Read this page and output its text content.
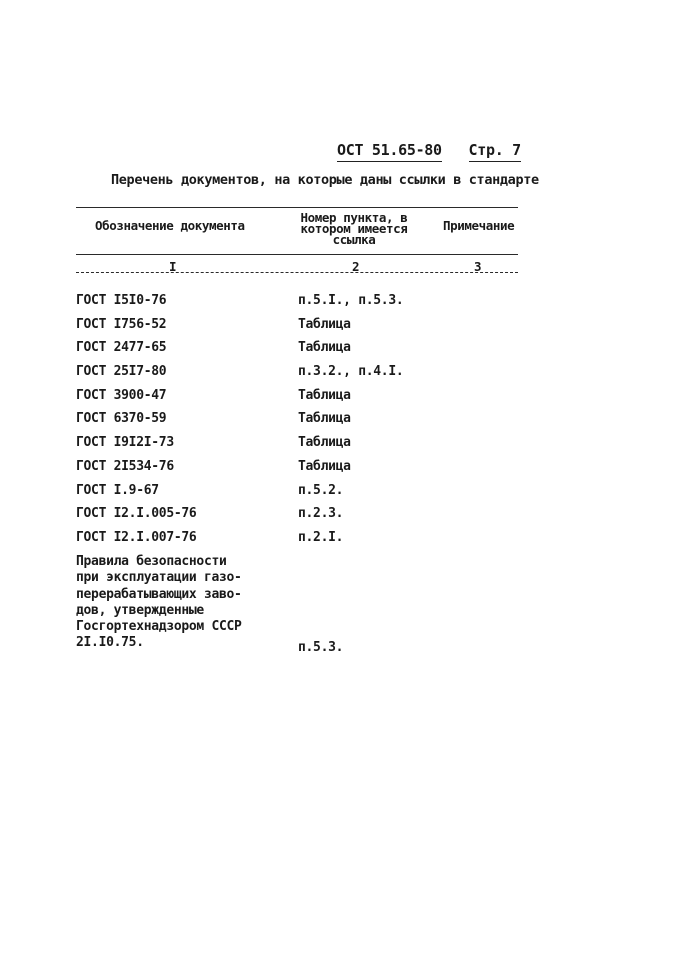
ОСТ 51.65-80 Стр. 7
Перечень документов, на которые даны ссылки в стандарте
Обозначение документа
Номер пункта, в котором имеется ссылка
Примечание
I	2	3
ГОСТ I5I0-76	п.5.I., п.5.3.
ГОСТ I756-52	Таблица
ГОСТ 2477-65	Таблица
ГОСТ 25I7-80	п.3.2., п.4.I.
ГОСТ 3900-47	Таблица
ГОСТ 6370-59	Таблица
ГОСТ I9I2I-73	Таблица
ГОСТ 2I534-76	Таблица
ГОСТ I.9-67	п.5.2.
ГОСТ I2.I.005-76	п.2.3.
ГОСТ I2.I.007-76	п.2.I.
Правила безопасности
при эксплуатации газо-
перерабатывающих заво-
дов, утвержденные
Госгортехнадзором СССР
2I.I0.75.	п.5.3.
